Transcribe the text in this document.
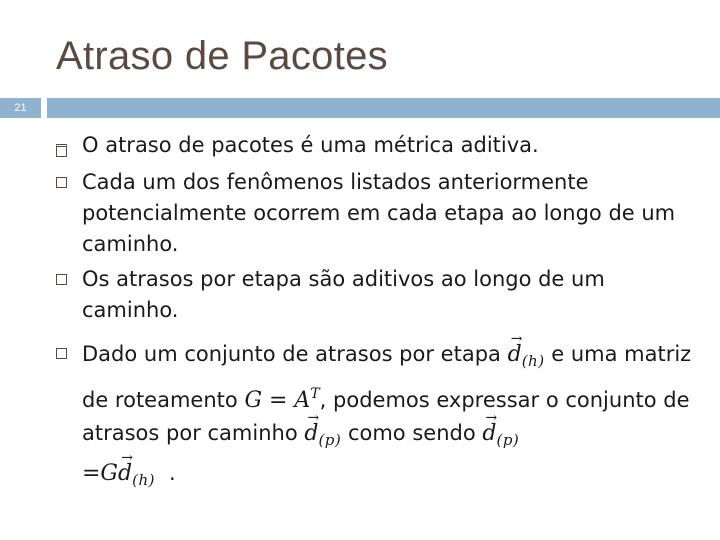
Atraso de Pacotes
21
O atraso de pacotes é uma métrica aditiva.
Cada um dos fenômenos listados anteriormente potencialmente ocorrem em cada etapa ao longo de um caminho.
Os atrasos por etapa são aditivos ao longo de um caminho.
Dado um conjunto de atrasos por etapa
→
$d_{(h)}$ e uma matriz de roteamento $G = A^T$, podemos expressar o conjunto de atrasos por caminho
→
$d_{(p)}$ como sendo
→
$d_{(p)}$
=G
→
$d_{(h)}$ .
